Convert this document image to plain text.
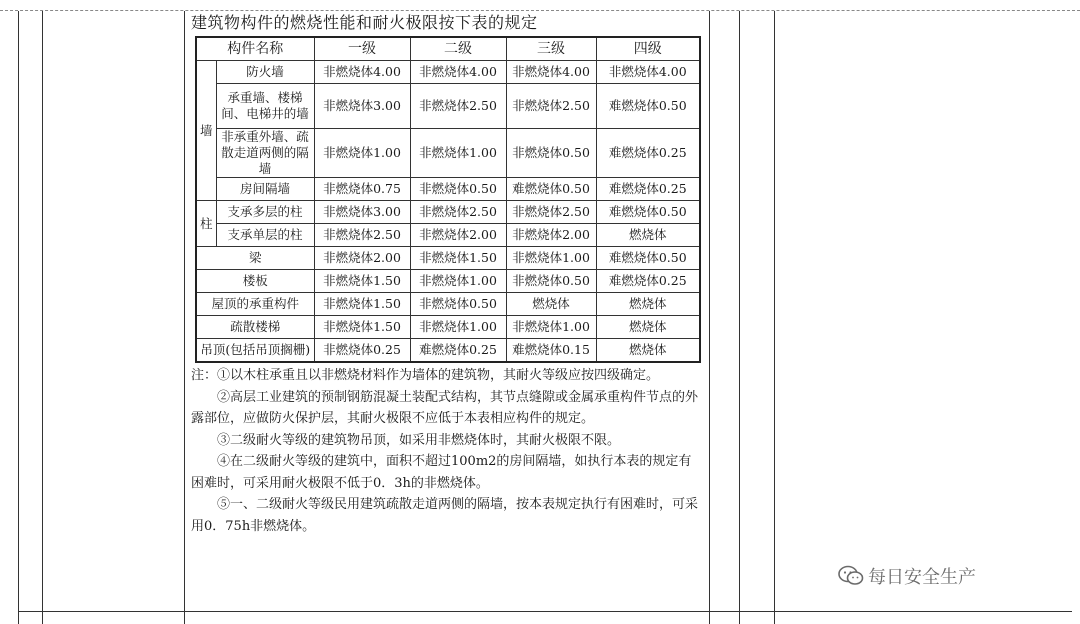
建筑物构件的燃烧性能和耐火极限按下表的规定
构件名称		一级	二级	三级	四级
墙	防火墙	非燃烧体4.00	非燃烧体4.00	非燃烧体4.00	非燃烧体4.00
	承重墙、楼梯间、电梯井的墙	非燃烧体3.00	非燃烧体2.50	非燃烧体2.50	难燃烧体0.50
	非承重外墙、疏散走道两侧的隔墙	非燃烧体1.00	非燃烧体1.00	非燃烧体0.50	难燃烧体0.25
	房间隔墙	非燃烧体0.75	非燃烧体0.50	难燃烧体0.50	难燃烧体0.25
柱	支承多层的柱	非燃烧体3.00	非燃烧体2.50	非燃烧体2.50	难燃烧体0.50
	支承单层的柱	非燃烧体2.50	非燃烧体2.00	非燃烧体2.00	燃烧体
梁		非燃烧体2.00	非燃烧体1.50	非燃烧体1.00	难燃烧体0.50
楼板		非燃烧体1.50	非燃烧体1.00	非燃烧体0.50	难燃烧体0.25
屋顶的承重构件		非燃烧体1.50	非燃烧体0.50	燃烧体	燃烧体
疏散楼梯		非燃烧体1.50	非燃烧体1.00	非燃烧体1.00	燃烧体
吊顶(包括吊顶搁栅)		非燃烧体0.25	难燃烧体0.25	难燃烧体0.15	燃烧体

注：①以木柱承重且以非燃烧材料作为墙体的建筑物，其耐火等级应按四级确定。

②高层工业建筑的预制钢筋混凝土装配式结构，其节点缝隙或金属承重构件节点的外露部位，应做防火保护层，其耐火极限不应低于本表相应构件的规定。

③二级耐火等级的建筑物吊顶，如采用非燃烧体时，其耐火极限不限。

④在二级耐火等级的建筑中，面积不超过100m2的房间隔墙，如执行本表的规定有困难时，可采用耐火极限不低于0．3h的非燃烧体。

⑤一、二级耐火等级民用建筑疏散走道两侧的隔墙，按本表规定执行有困难时，可采用0．75h非燃烧体。

每日安全生产
